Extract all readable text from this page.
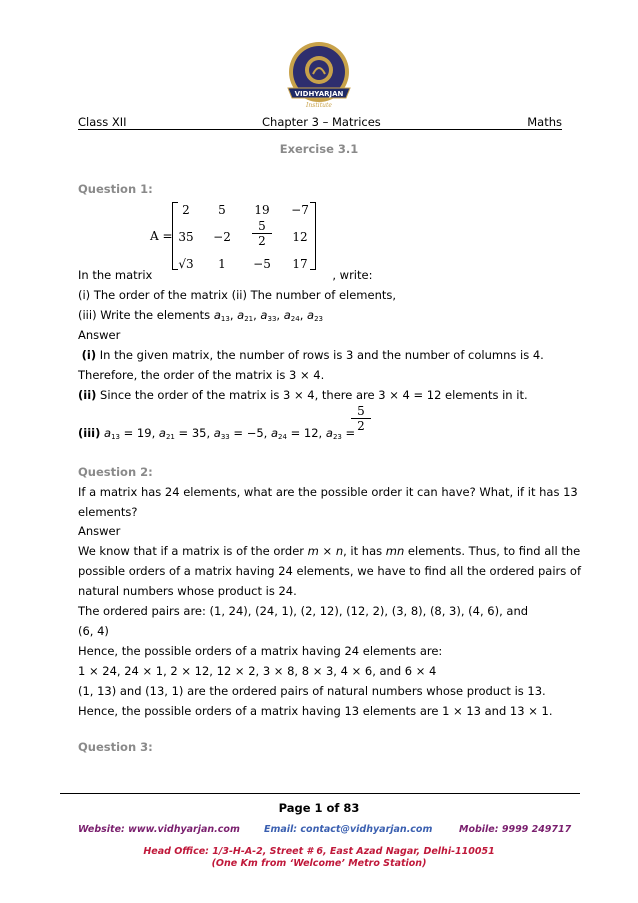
VIDHYARJAN
Institute
Class XII	Chapter 3 – Matrices	Maths
Exercise 3.1
Question 1:
A =
2	5	19	−7
35	−2	$\frac{5}{2}$	12
√3	1	−5	17
In the matrix	, write:
(i) The order of the matrix (ii) The number of elements,
(iii) Write the elements $a_{13}$, $a_{21}$, $a_{33}$, $a_{24}$, $a_{23}$
Answer
(i) In the given matrix, the number of rows is 3 and the number of columns is 4.
Therefore, the order of the matrix is 3 × 4.
(ii) Since the order of the matrix is 3 × 4, there are 3 × 4 = 12 elements in it.
(iii) $a_{13} = 19$, $a_{21} = 35$, $a_{33} = -5$, $a_{24} = 12$, $a_{23}$ =
$\frac{5}{2}$
Question 2:
If a matrix has 24 elements, what are the possible order it can have? What, if it has 13
elements?
Answer
We know that if a matrix is of the order m × n, it has mn elements. Thus, to find all the
possible orders of a matrix having 24 elements, we have to find all the ordered pairs of
natural numbers whose product is 24.
The ordered pairs are: (1, 24), (24, 1), (2, 12), (12, 2), (3, 8), (8, 3), (4, 6), and
(6, 4)
Hence, the possible orders of a matrix having 24 elements are:
1 × 24, 24 × 1, 2 × 12, 12 × 2, 3 × 8, 8 × 3, 4 × 6, and 6 × 4
(1, 13) and (13, 1) are the ordered pairs of natural numbers whose product is 13.
Hence, the possible orders of a matrix having 13 elements are 1 × 13 and 13 × 1.
Question 3:
Page 1 of 83
Website: www.vidhyarjan.com	Email: contact@vidhyarjan.com	Mobile: 9999 249717
Head Office: 1/3-H-A-2, Street # 6, East Azad Nagar, Delhi-110051
(One Km from ‘Welcome’ Metro Station)
